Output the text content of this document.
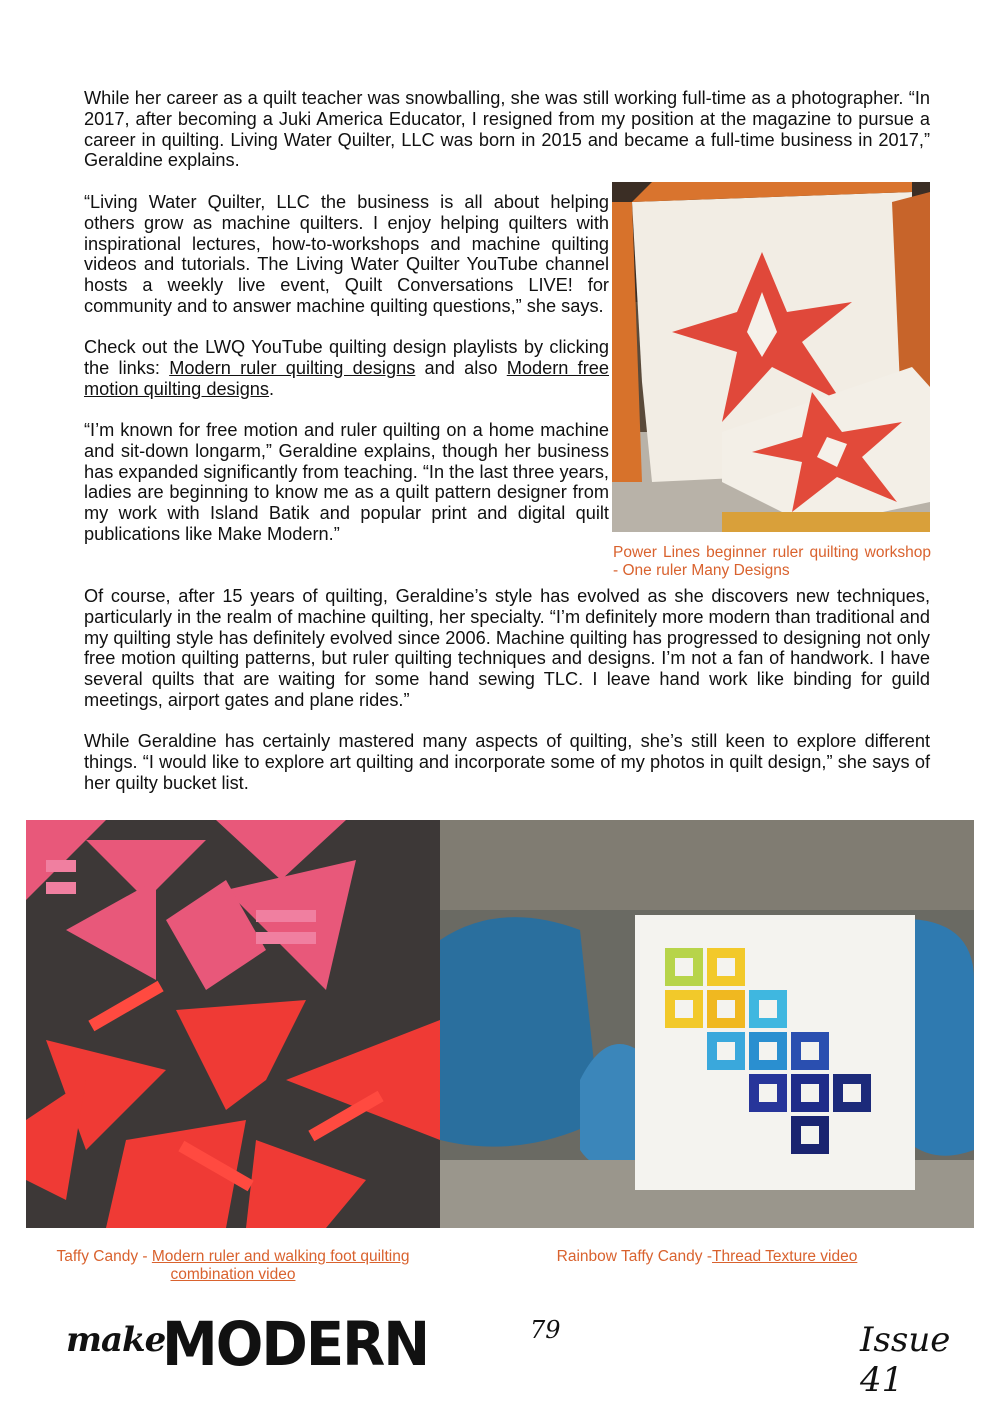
While her career as a quilt teacher was snowballing, she was still working full-time as a photographer. “In 2017, after becoming a Juki America Educator, I resigned from my position at the magazine to pursue a career in quilting. Living Water Quilter, LLC was born in 2015 and became a full-time business in 2017,” Geraldine explains.

“Living Water Quilter, LLC the business is all about helping others grow as machine quilters. I enjoy helping quilters with inspirational lectures, how-to-workshops and machine quilting videos and tutorials. The Living Water Quilter YouTube channel hosts a weekly live event, Quilt Conversations LIVE! for community and to answer machine quilting questions,” she says.

Check out the LWQ YouTube quilting design playlists by clicking the links: Modern ruler quilting designs and also Modern free motion quilting designs.

“I’m known for free motion and ruler quilting on a home machine and sit-down longarm,” Geraldine explains, though her business has expanded significantly from teaching. “In the last three years, ladies are beginning to know me as a quilt pattern designer from my work with Island Batik and popular print and digital quilt publications like Make Modern.”

Power Lines beginner ruler quilting workshop - One ruler Many Designs

Of course, after 15 years of quilting, Geraldine’s style has evolved as she discovers new techniques, particularly in the realm of machine quilting, her specialty. “I’m definitely more modern than traditional and my quilting style has definitely evolved since 2006. Machine quilting has progressed to designing not only free motion quilting patterns, but ruler quilting techniques and designs. I’m not a fan of handwork. I have several quilts that are waiting for some hand sewing TLC. I leave hand work like binding for guild meetings, airport gates and plane rides.”

While Geraldine has certainly mastered many aspects of quilting, she’s still keen to explore different things. “I would like to explore art quilting and incorporate some of my photos in quilt design,” she says of her quilty bucket list.

Taffy Candy - Modern ruler and walking foot quilting
combination video

Rainbow Taffy Candy -Thread Texture video

make
MODERN	79	Issue 41
